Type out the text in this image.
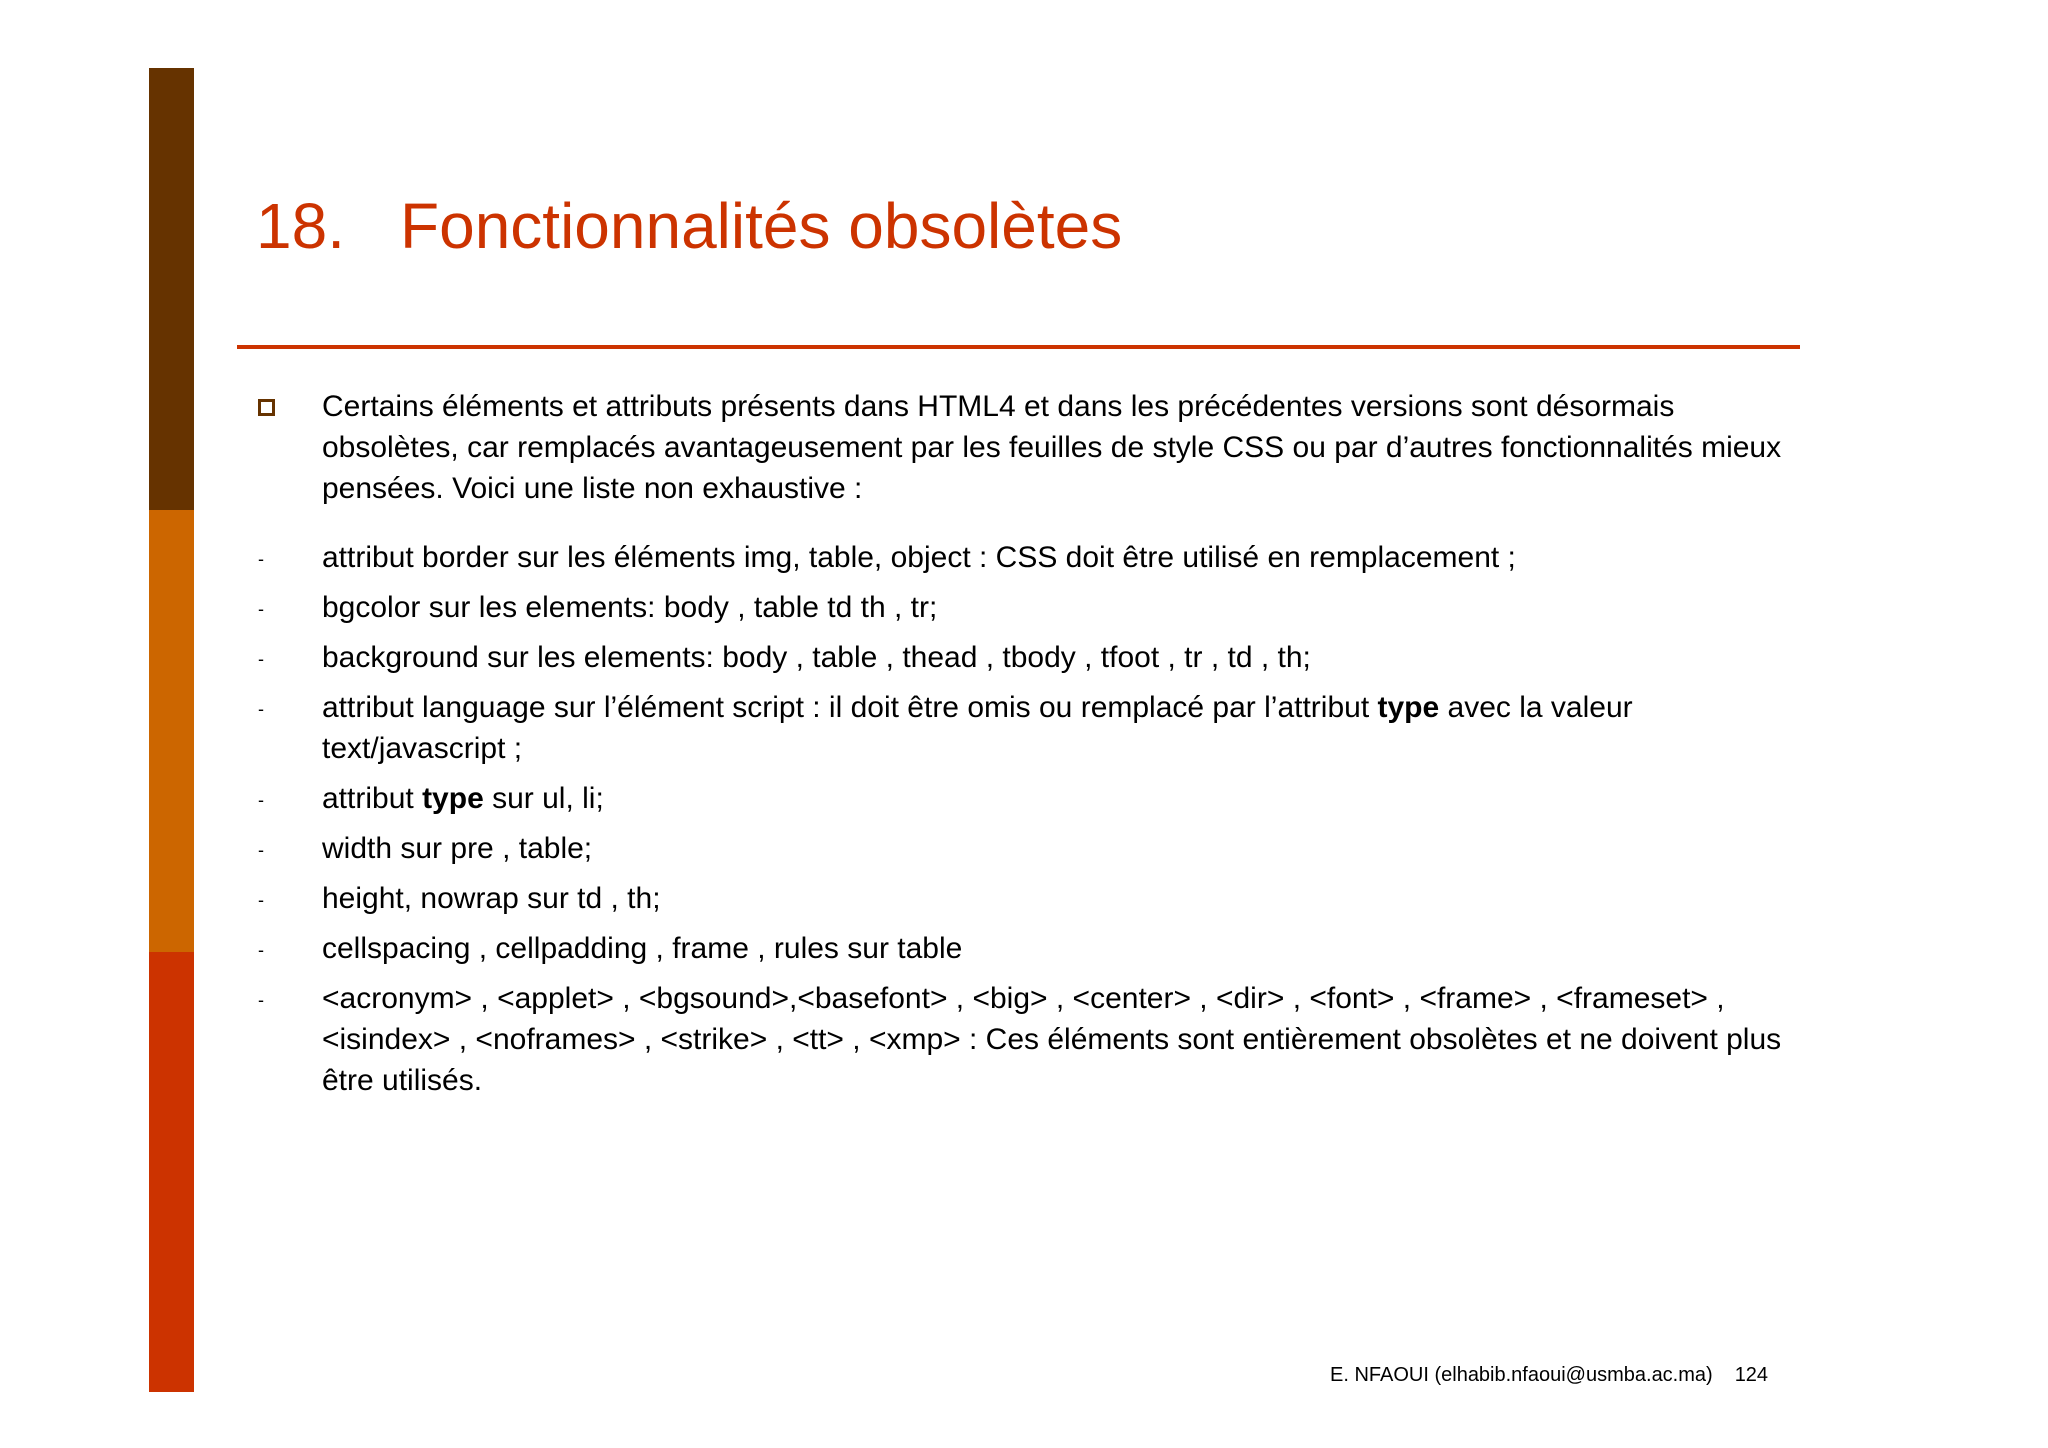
18. Fonctionnalités obsolètes
Certains éléments et attributs présents dans HTML4 et dans les précédentes versions sont désormais obsolètes, car remplacés avantageusement par les feuilles de style CSS ou par d’autres fonctionnalités mieux pensées. Voici une liste non exhaustive :
- attribut border sur les éléments img, table, object : CSS doit être utilisé en remplacement ;
- bgcolor sur les elements: body , table td th , tr;
- background sur les elements: body , table , thead , tbody , tfoot , tr , td , th;
- attribut language sur l’élément script : il doit être omis ou remplacé par l’attribut type avec la valeur text/javascript ;
- attribut type sur ul, li;
- width sur pre , table;
- height, nowrap sur td , th;
- cellspacing , cellpadding , frame , rules sur table
- <acronym> , <applet> , <bgsound>,<basefont> , <big> , <center> , <dir> , <font> , <frame> , <frameset> , <isindex> , <noframes> , <strike> , <tt> , <xmp> : Ces éléments sont entièrement obsolètes et ne doivent plus être utilisés.
E. NFAOUI (elhabib.nfaoui@usmba.ac.ma) 124
